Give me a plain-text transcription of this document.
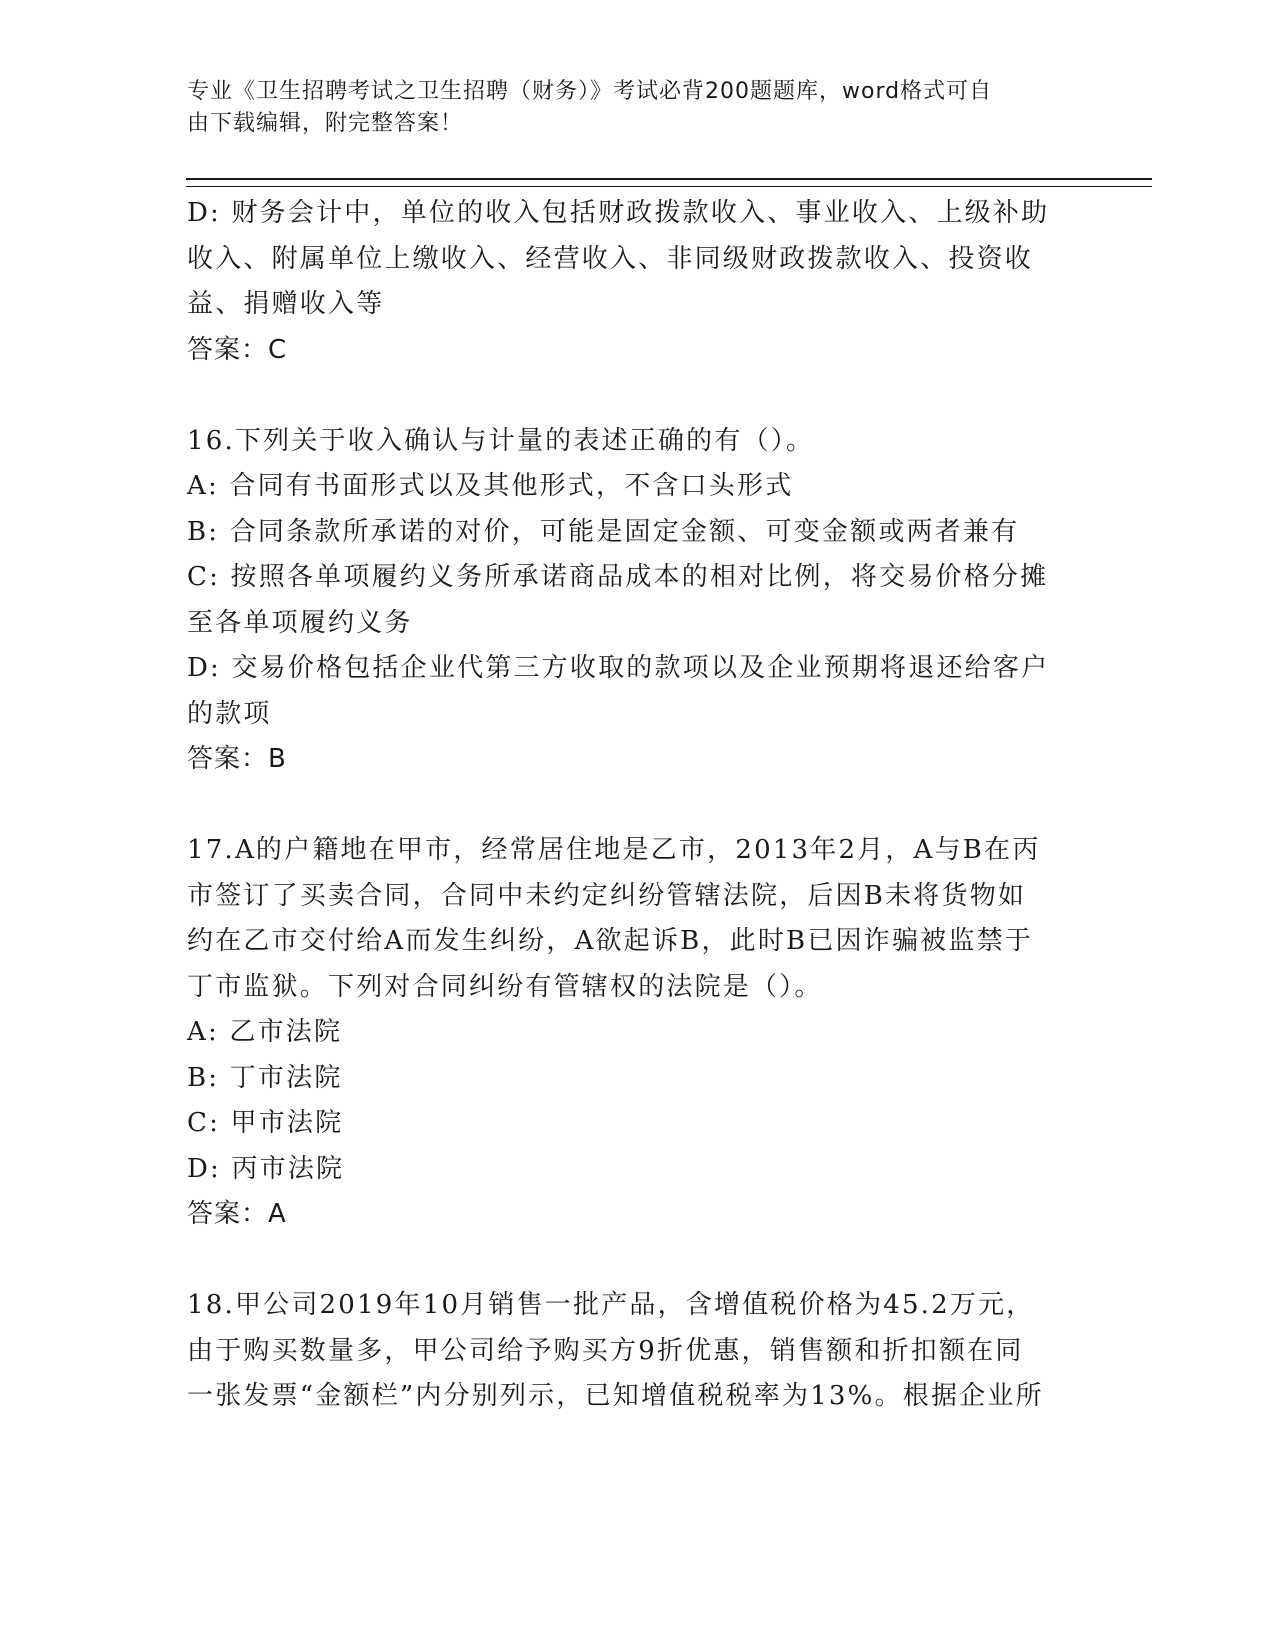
专业《卫生招聘考试之卫生招聘（财务）》考试必背200题题库，word格式可自
由下载编辑，附完整答案！
D: 财务会计中，单位的收入包括财政拨款收入、事业收入、上级补助
收入、附属单位上缴收入、经营收入、非同级财政拨款收入、投资收
益、捐赠收入等
答案：C
16.下列关于收入确认与计量的表述正确的有（）。
A: 合同有书面形式以及其他形式，不含口头形式
B: 合同条款所承诺的对价，可能是固定金额、可变金额或两者兼有
C: 按照各单项履约义务所承诺商品成本的相对比例，将交易价格分摊
至各单项履约义务
D: 交易价格包括企业代第三方收取的款项以及企业预期将退还给客户
的款项
答案：B
17.A的户籍地在甲市，经常居住地是乙市，2013年2月，A与B在丙
市签订了买卖合同，合同中未约定纠纷管辖法院，后因B未将货物如
约在乙市交付给A而发生纠纷，A欲起诉B，此时B已因诈骗被监禁于
丁市监狱。下列对合同纠纷有管辖权的法院是（）。
A: 乙市法院
B: 丁市法院
C: 甲市法院
D: 丙市法院
答案：A
18.甲公司2019年10月销售一批产品，含增值税价格为45.2万元，
由于购买数量多，甲公司给予购买方9折优惠，销售额和折扣额在同
一张发票“金额栏”内分别列示，已知增值税税率为13%。根据企业所
